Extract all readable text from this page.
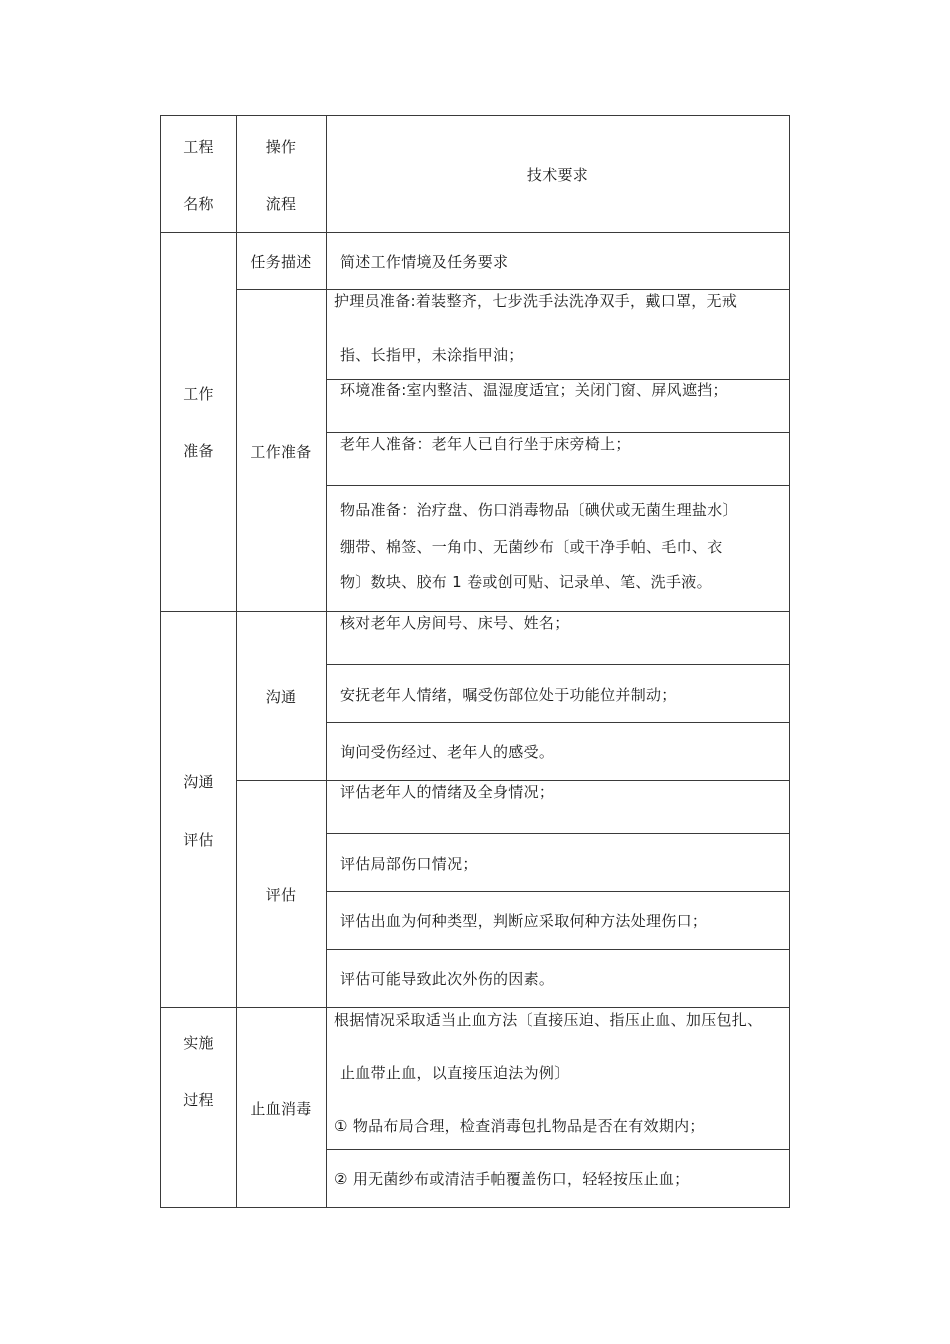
工程
名称
操作
流程
技术要求
工作
准备
任务描述	简述工作情境及任务要求
工作准备
护理员准备:着装整齐，七步洗手法洗净双手，戴口罩，无戒
指、长指甲，未涂指甲油；
环境准备:室内整洁、温湿度适宜；关闭门窗、屏风遮挡；
老年人准备：老年人已自行坐于床旁椅上；
物品准备：治疗盘、伤口消毒物品〔碘伏或无菌生理盐水〕
绷带、棉签、一角巾、无菌纱布〔或干净手帕、毛巾、衣
物〕数块、胶布 1 卷或创可贴、记录单、笔、洗手液。
沟通
评估
沟通
核对老年人房间号、床号、姓名；
安抚老年人情绪，嘱受伤部位处于功能位并制动；
询问受伤经过、老年人的感受。
评估
评估老年人的情绪及全身情况；
评估局部伤口情况；
评估出血为何种类型，判断应采取何种方法处理伤口；
评估可能导致此次外伤的因素。
实施
过程	止血消毒
根据情况采取适当止血方法〔直接压迫、指压止血、加压包扎、
止血带止血，以直接压迫法为例〕
① 物品布局合理，检查消毒包扎物品是否在有效期内；
② 用无菌纱布或清洁手帕覆盖伤口，轻轻按压止血；
